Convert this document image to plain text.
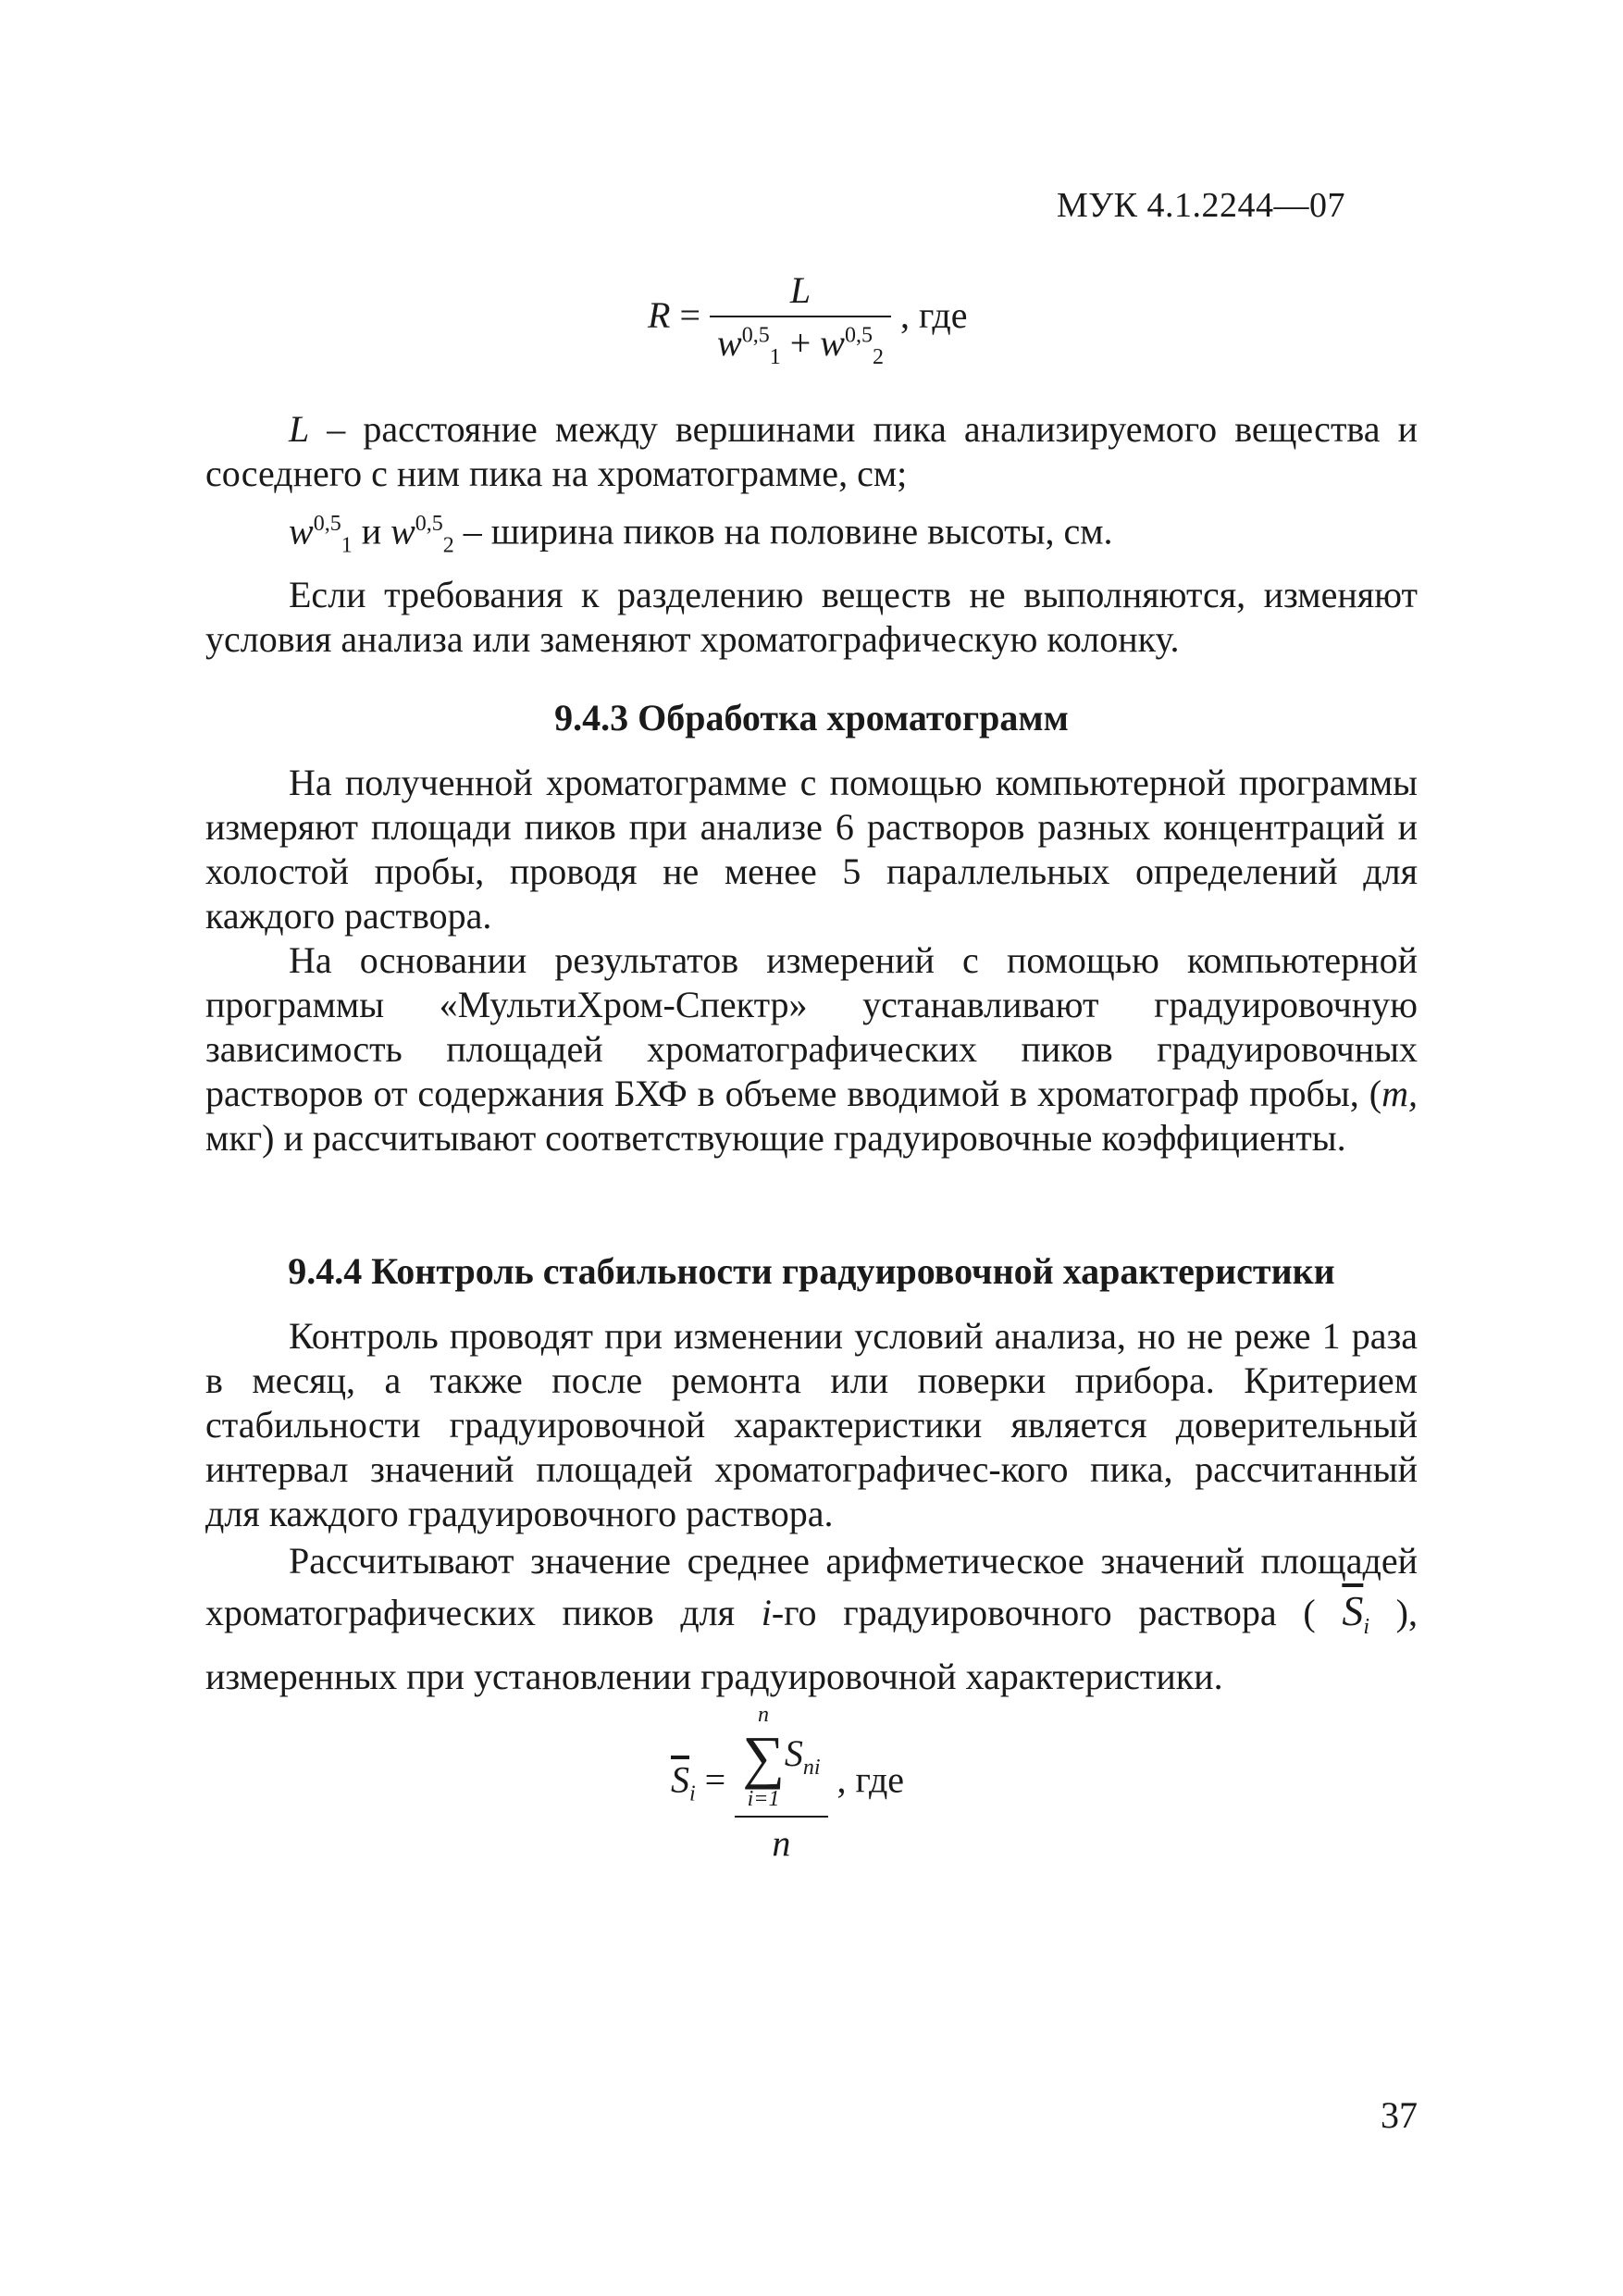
МУК 4.1.2244—07
$R = \frac{L}{w^{0,5}_1 + w^{0,5}_2}$ , где

L – расстояние между вершинами пика анализируемого вещества и соседнего с ним пика на хроматограмме, см;

$w^{0,5}_1$ и $w^{0,5}_2$ – ширина пиков на половине высоты, см.

Если требования к разделению веществ не выполняются, изменяют условия анализа или заменяют хроматографическую колонку.

9.4.3 Обработка хроматограмм

На полученной хроматограмме с помощью компьютерной программы измеряют площади пиков при анализе 6 растворов разных концентраций и холостой пробы, проводя не менее 5 параллельных определений для каждого раствора.

На основании результатов измерений с помощью компьютерной программы «МультиХром-Спектр» устанавливают градуировочную зависимость площадей хроматографических пиков градуировочных растворов от содержания БХФ в объеме вводимой в хроматограф пробы, (m, мкг) и рассчитывают соответствующие градуировочные коэффициенты.

9.4.4 Контроль стабильности градуировочной характеристики

Контроль проводят при изменении условий анализа, но не реже 1 раза в месяц, а также после ремонта или поверки прибора. Критерием стабильности градуировочной характеристики является доверительный интервал значений площадей хроматографичес-кого пика, рассчитанный для каждого градуировочного раствора.

Рассчитывают значение среднее арифметическое значений площадей хроматографических пиков для i-го градуировочного раствора ( $\overline{S}_i$ ), измеренных при установлении градуировочной характеристики.

$\overline{S}_i = n$
∑
i=1
$S_{ni}$
n , где
37
